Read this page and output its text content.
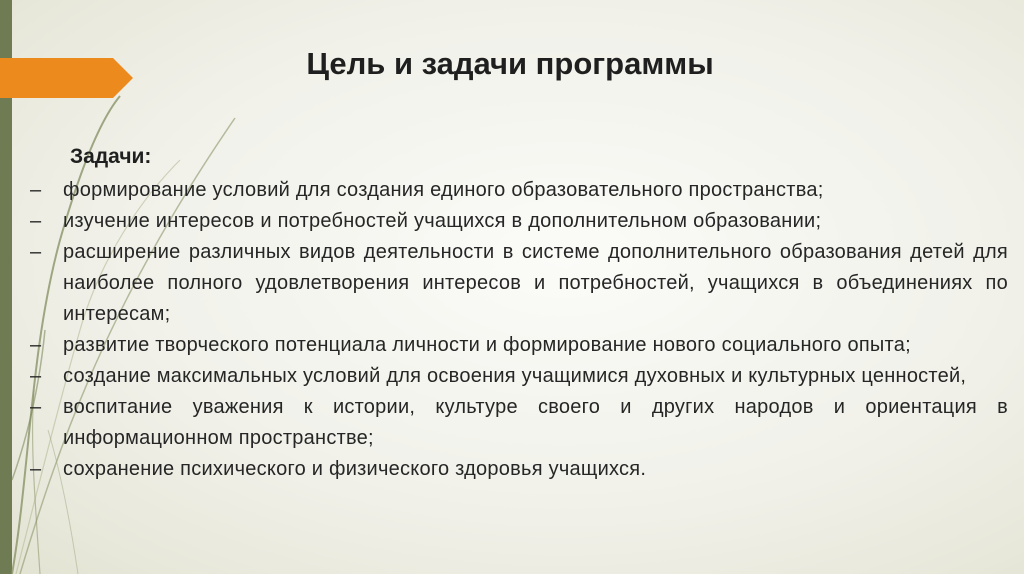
Цель и задачи программы
Задачи:
– формирование условий для создания единого образовательного пространства;
– изучение интересов и потребностей учащихся в дополнительном образовании;
– расширение различных видов деятельности в системе дополнительного образования детей для наиболее полного удовлетворения интересов и потребностей, учащихся в объединениях по интересам;
– развитие творческого потенциала личности и формирование нового социального опыта;
– создание максимальных условий для освоения учащимися духовных и культурных ценностей,
– воспитание уважения к истории, культуре своего и других народов и ориентация в информационном пространстве;
– сохранение психического и физического здоровья учащихся.
